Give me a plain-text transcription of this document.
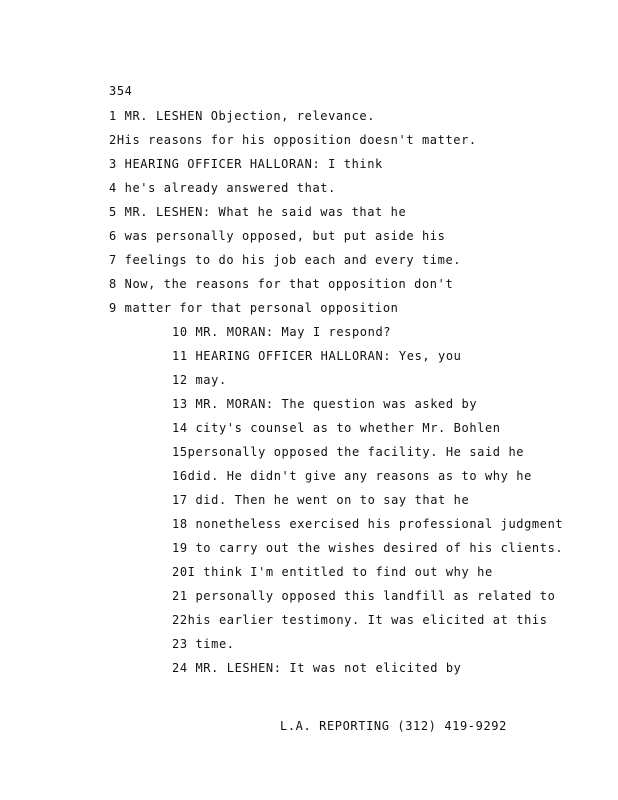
354
1 MR. LESHEN Objection, relevance.
2His reasons for his opposition doesn't matter.
3 HEARING OFFICER HALLORAN: I think
4 he's already answered that.
5 MR. LESHEN: What he said was that he
6 was personally opposed, but put aside his
7 feelings to do his job each and every time.
8 Now, the reasons for that opposition don't
9 matter for that personal opposition
10 MR. MORAN: May I respond?
11 HEARING OFFICER HALLORAN: Yes, you
12 may.
13 MR. MORAN: The question was asked by
14 city's counsel as to whether Mr. Bohlen
15personally opposed the facility. He said he
16did. He didn't give any reasons as to why he
17 did. Then he went on to say that he
18 nonetheless exercised his professional judgment
19 to carry out the wishes desired of his clients.
20I think I'm entitled to find out why he
21 personally opposed this landfill as related to
22his earlier testimony. It was elicited at this
23 time.
24 MR. LESHEN: It was not elicited by
L.A. REPORTING (312) 419-9292
